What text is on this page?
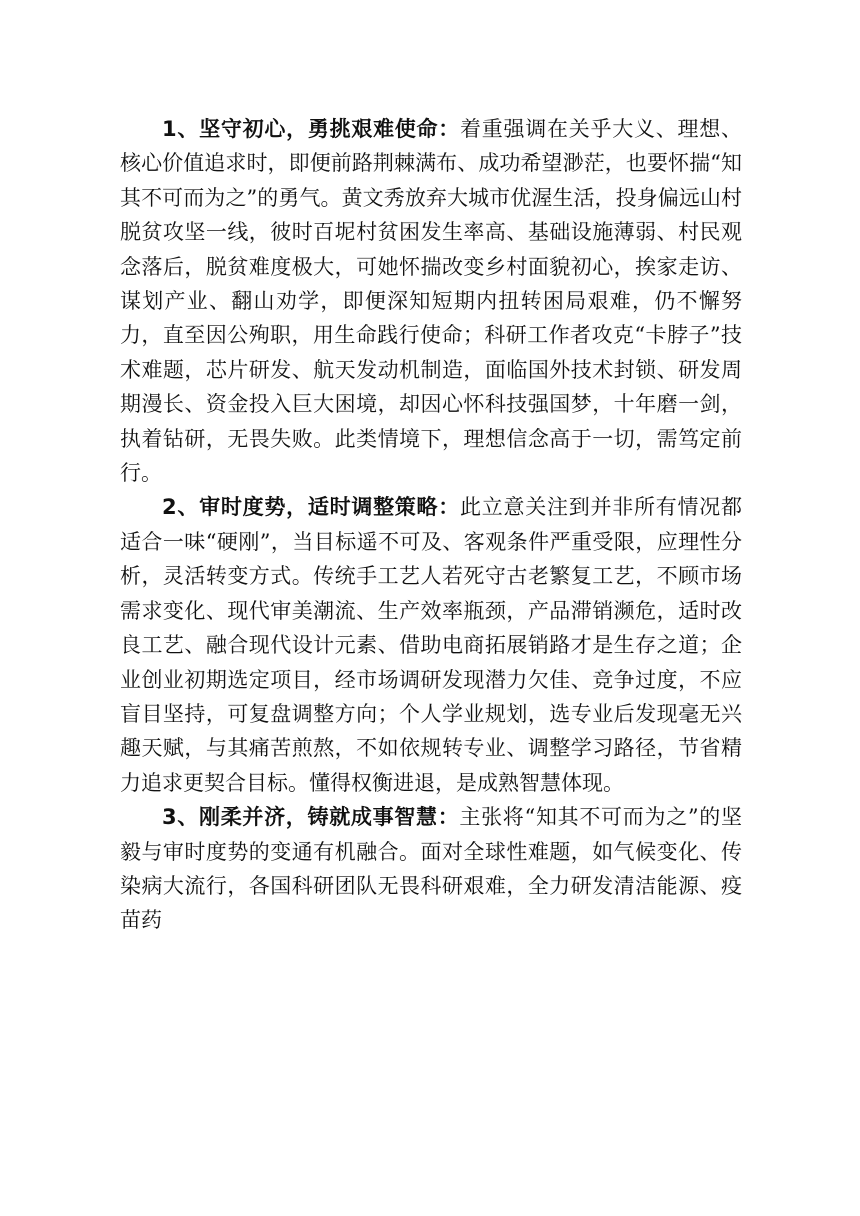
1、坚守初心，勇挑艰难使命：着重强调在关乎大义、理想、核心价值追求时，即便前路荆棘满布、成功希望渺茫，也要怀揣“知其不可而为之”的勇气。黄文秀放弃大城市优渥生活，投身偏远山村脱贫攻坚一线，彼时百坭村贫困发生率高、基础设施薄弱、村民观念落后，脱贫难度极大，可她怀揣改变乡村面貌初心，挨家走访、谋划产业、翻山劝学，即便深知短期内扭转困局艰难，仍不懈努力，直至因公殉职，用生命践行使命；科研工作者攻克“卡脖子”技术难题，芯片研发、航天发动机制造，面临国外技术封锁、研发周期漫长、资金投入巨大困境，却因心怀科技强国梦，十年磨一剑，执着钻研，无畏失败。此类情境下，理想信念高于一切，需笃定前行。

2、审时度势，适时调整策略：此立意关注到并非所有情况都适合一味“硬刚”，当目标遥不可及、客观条件严重受限，应理性分析，灵活转变方式。传统手工艺人若死守古老繁复工艺，不顾市场需求变化、现代审美潮流、生产效率瓶颈，产品滞销濒危，适时改良工艺、融合现代设计元素、借助电商拓展销路才是生存之道；企业创业初期选定项目，经市场调研发现潜力欠佳、竞争过度，不应盲目坚持，可复盘调整方向；个人学业规划，选专业后发现毫无兴趣天赋，与其痛苦煎熬，不如依规转专业、调整学习路径，节省精力追求更契合目标。懂得权衡进退，是成熟智慧体现。

3、刚柔并济，铸就成事智慧：主张将“知其不可而为之”的坚毅与审时度势的变通有机融合。面对全球性难题，如气候变化、传染病大流行，各国科研团队无畏科研艰难，全力研发清洁能源、疫苗药
